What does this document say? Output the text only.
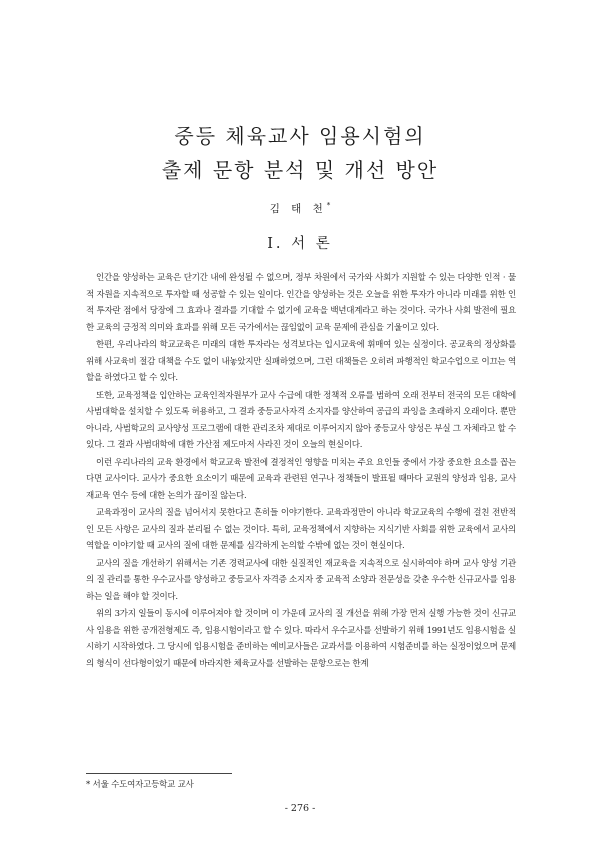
중등 체육교사 임용시험의
출제 문항 분석 및 개선 방안
김 태 천*
Ⅰ. 서 론

인간을 양성하는 교육은 단기간 내에 완성될 수 없으며, 정부 차원에서 국가와 사회가 지원할 수 있는 다양한 인적 · 물적 자원을 지속적으로 투자할 때 성공할 수 있는 일이다. 인간을 양성하는 것은 오늘을 위한 투자가 아니라 미래를 위한 인적 투자란 점에서 당장에 그 효과나 결과를 기대할 수 없기에 교육을 백년대계라고 하는 것이다. 국가나 사회 발전에 필요한 교육의 긍정적 의미와 효과를 위해 모든 국가에서는 끊임없이 교육 문제에 관심을 기울이고 있다.

한편, 우리나라의 학교교육은 미래의 대한 투자라는 성격보다는 입시교육에 휘매여 있는 실정이다. 공교육의 정상화를 위해 사교육비 절감 대책을 수도 없이 내놓았지만 실패하였으며, 그런 대책들은 오히려 파행적인 학교수업으로 이끄는 역할을 하였다고 할 수 있다.

또한, 교육정책을 입안하는 교육인적자원부가 교사 수급에 대한 정책적 오류를 범하여 오래 전부터 전국의 모든 대학에 사범대학을 설치할 수 있도록 허용하고, 그 결과 중등교사자격 소지자를 양산하여 공급의 과잉을 초래하지 오래이다. 뿐만 아니라, 사범학교의 교사양성 프로그램에 대한 관리조차 제대로 이루어지지 않아 중등교사 양성은 부실 그 자체라고 할 수 있다. 그 결과 사범대학에 대한 가산점 제도마저 사라진 것이 오늘의 현실이다.

이런 우리나라의 교육 환경에서 학교교육 발전에 결정적인 영향을 미치는 주요 요인들 중에서 가장 중요한 요소를 꼽는다면 교사이다. 교사가 중요한 요소이기 때문에 교육과 관련된 연구나 정책들이 발표될 때마다 교원의 양성과 임용, 교사 재교육 연수 등에 대한 논의가 끊이질 않는다.

교육과정이 교사의 질을 넘어서지 못한다고 흔히들 이야기한다. 교육과정만이 아니라 학교교육의 수행에 걸친 전반적인 모든 사항은 교사의 질과 분리될 수 없는 것이다. 특히, 교육정책에서 지향하는 지식기반 사회를 위한 교육에서 교사의 역할을 이야기할 때 교사의 질에 대한 문제를 심각하게 논의할 수밖에 없는 것이 현실이다.

교사의 질을 개선하기 위해서는 기존 경력교사에 대한 실질적인 재교육을 지속적으로 실시하여야 하며 교사 양성 기관의 질 관리를 통한 우수교사를 양성하고 중등교사 자격증 소지자 중 교육적 소양과 전문성을 갖춘 우수한 신규교사를 임용하는 일을 해야 할 것이다.

위의 3가지 일들이 동시에 이루어져야 할 것이며 이 가운데 교사의 질 개선을 위해 가장 먼저 실행 가능한 것이 신규교사 임용을 위한 공개전형제도 즉, 임용시험이라고 할 수 있다. 따라서 우수교사를 선발하기 위해 1991년도 임용시험을 실시하기 시작하였다. 그 당시에 임용시험을 준비하는 예비교사들은 교과서를 이용하여 시험준비를 하는 실정이었으며 문제의 형식이 선다형이었기 때문에 바라지한 체육교사를 선발하는 문항으로는 한계

* 서울 수도여자고등학교 교사
- 276 -
